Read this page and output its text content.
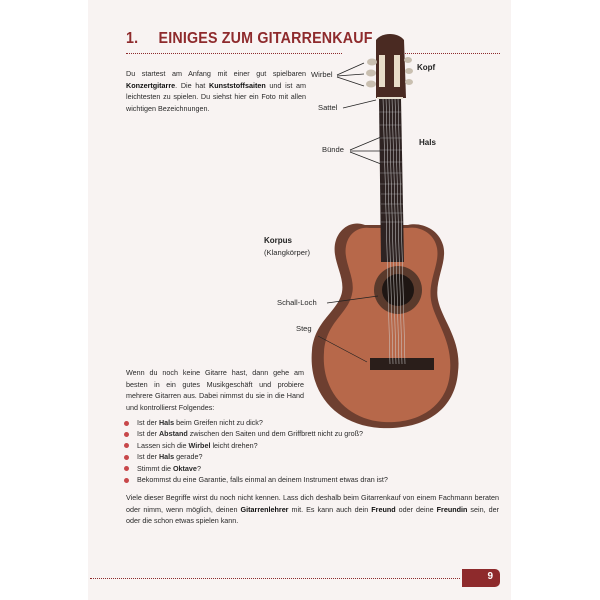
1. EINIGES ZUM GITARRENKAUF
Du startest am Anfang mit einer gut spielbaren Konzertgitarre. Die hat Kunststoffsaiten und ist am leichtesten zu spielen. Du siehst hier ein Foto mit allen wichtigen Bezeichnungen.
Wirbel
Sattel
Bünde
Kopf
Hals
Korpus
(Klangkörper)
Schall-Loch
Steg
Wenn du noch keine Gitarre hast, dann gehe am besten in ein gutes Musikgeschäft und probiere mehrere Gitarren aus. Dabei nimmst du sie in die Hand und kontrollierst Folgendes:
Ist der Hals beim Greifen nicht zu dick?
Ist der Abstand zwischen den Saiten und dem Griffbrett nicht zu groß?
Lassen sich die Wirbel leicht drehen?
Ist der Hals gerade?
Stimmt die Oktave?
Bekommst du eine Garantie, falls einmal an deinem Instrument etwas dran ist?
Viele dieser Begriffe wirst du noch nicht kennen. Lass dich deshalb beim Gitarrenkauf von einem Fachmann beraten oder nimm, wenn möglich, deinen Gitarrenlehrer mit. Es kann auch dein Freund oder deine Freundin sein, der oder die schon etwas spielen kann.
9
